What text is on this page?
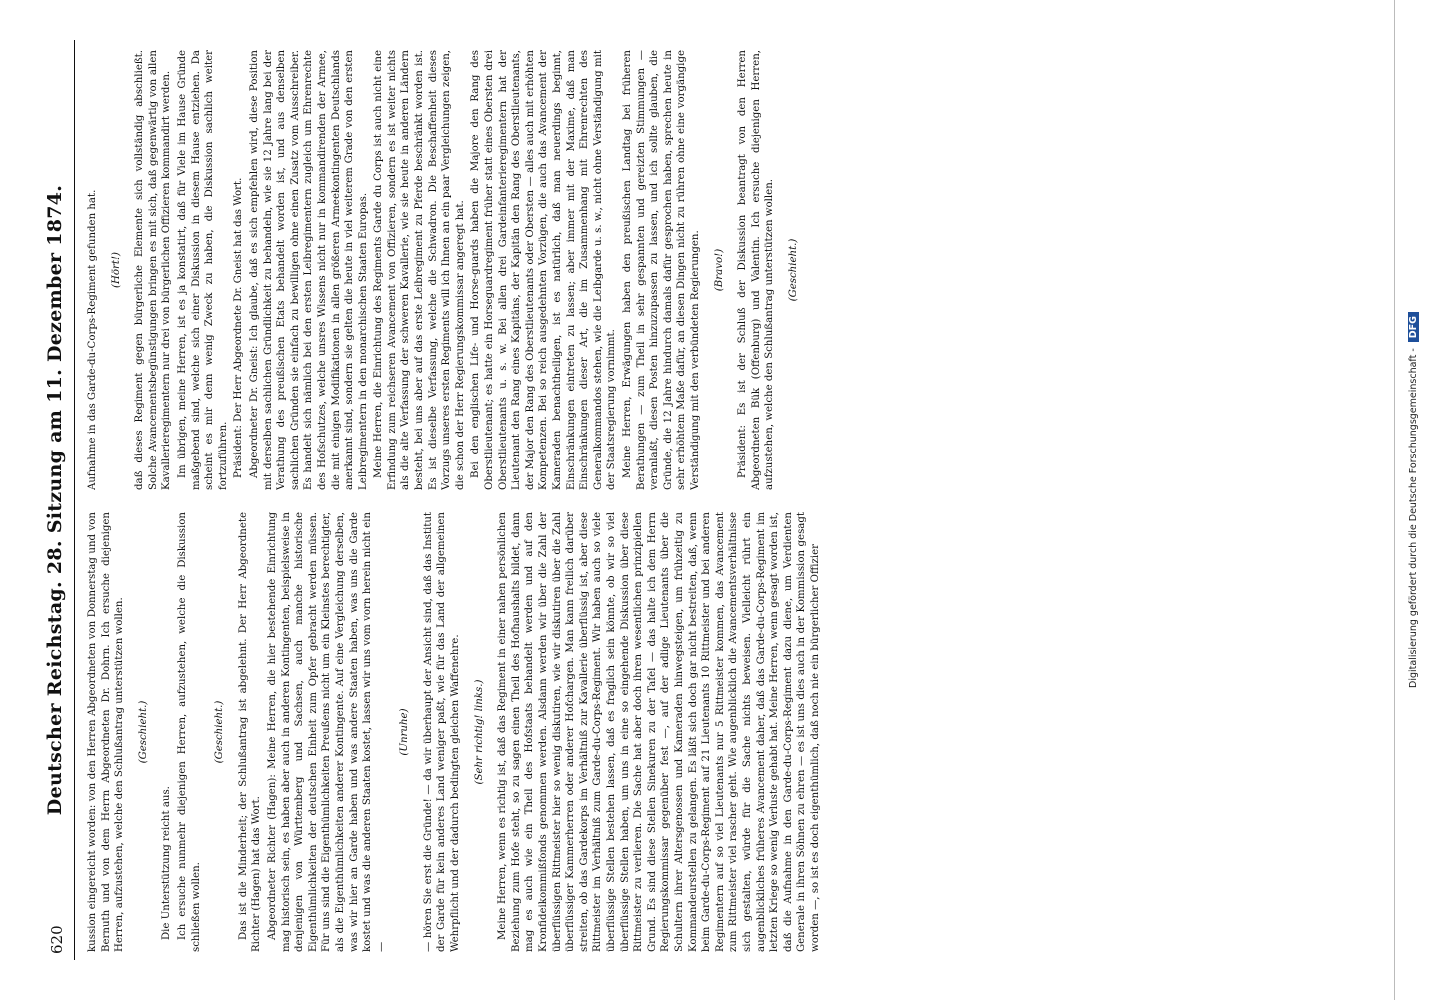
620
Deutscher Reichstag. 28. Sitzung am 11. Dezember 1874. kussion eingereicht worden: von den Herren Abgeordneten von Donnerstag und von Bernuth und von dem Herrn Abgeordneten Dr. Dohrn. Ich ersuche diejenigen Herren, aufzustehen, welche den Schlußantrag unterstützen wollen. (Geschieht.)

Die Unterstützung reicht aus. Ich ersuche nunmehr diejenigen Herren, aufzustehen, welche die Diskussion schließen wollen.

(Geschieht.) Das ist die Minderheit; der Schlußantrag ist abgelehnt. Der Herr Abgeordnete Richter (Hagen) hat das Wort. Abgeordneter Richter (Hagen): Meine Herren, die hier bestehende Einrichtung mag historisch sein, es haben aber auch in anderen Kontingenten, beispielsweise in denjenigen von Württemberg und Sachsen, auch manche historische Eigenthümlichkeiten der deutschen Einheit zum Opfer gebracht werden müssen. Für uns sind die Eigenthümlichkeiten Preußens nicht um ein Kleinstes berechtigter, als die Eigenthümlichkeiten anderer Kontingente. Auf eine Vergleichung derselben, was wir hier an Garde haben und was andere Staaten haben, was uns die Garde kostet und was die anderen Staaten kostet, lassen wir uns vom vorn herein nicht ein —

(Unruhe) — hören Sie erst die Gründe! — da wir überhaupt der Ansicht sind, daß das Institut der Garde für kein anderes Land weniger paßt, wie für das Land der allgemeinen Wehrpflicht und der dadurch bedingten gleichen Waffenehre. (Sehr richtig! links.) Meine Herren, wenn es richtig ist, daß das Regiment in einer nahen persönlichen Beziehung zum Hofe steht, so zu sagen einen Theil des Hofhaushalts bildet, dann mag es auch wie ein Theil des Hofstaats behandelt werden und auf den Kronfideikommißfonds genommen werden. Alsdann werden wir über die Zahl der überflüssigen Rittmeister hier so wenig diskutiren, wie wir diskutiren über die Zahl überflüssiger Kammerherren oder anderer Hofchargen. Man kann freilich darüber streiten, ob das Gardekorps im Verhältniß zur Kavallerie überflüssig ist, aber diese Rittmeister im Verhältniß zum Garde-du-Corps-Regiment. Wir haben auch so viele überflüssige Stellen bestehen lassen, daß es fraglich sein könnte, ob wir so viel überflüssige Stellen haben, um uns in eine so eingehende Diskussion über diese Rittmeister zu verlieren. Die Sache hat aber doch ihren wesentlichen prinzipiellen Grund. Es sind diese Stellen Sinekuren zu der Tafel — das halte ich dem Herrn Regierungskommissar gegenüber fest —, auf der adlige Lieutenants über die Schultern ihrer Altersgenossen und Kameraden hinwegsteigen, um frühzeitig zu Kommandeurstellen zu gelangen. Es läßt sich doch gar nicht bestreiten, daß, wenn beim Garde-du-Corps-Regiment auf 21 Lieutenants 10 Rittmeister und bei anderen Regimentern auf so viel Lieutenants nur 5 Rittmeister kommen, das Avancement zum Rittmeister viel rascher geht. Wie augenblicklich die Avancementsverhältnisse sich gestalten, würde für die Sache nichts beweisen. Vielleicht rührt ein augenblickliches früheres Avancement daher, daß das Garde-du-Corps-Regiment im letzten Kriege so wenig Verluste gehabt hat. Meine Herren, wenn gesagt worden ist, daß die Aufnahme in den Garde-du-Corps-Regiment dazu diene, um Verdienten Generale in ihren Söhnen zu ehren — es ist uns dies auch in der Kommission gesagt worden —, so ist es doch eigenthümlich, daß noch nie ein bürgerlicher Offizier

Aufnahme in das Garde-du-Corps-Regiment gefunden hat. (Hört!) daß dieses Regiment gegen bürgerliche Elemente sich vollständig abschließt. Solche Avancementsbegünstigungen bringen es mit sich, daß gegenwärtig von allen Kavallerieregimentern nur drei von bürgerlichen Offizieren kommandirt werden. Im übrigen, meine Herren, ist es ja konstatirt, daß für Viele im Hause Gründe maßgebend sind, welche sich einer Diskussion in diesem Hause entziehen. Da scheint es mir denn wenig Zweck zu haben, die Diskussion sachlich weiter fortzuführen. Präsident: Der Herr Abgeordnete Dr. Gneist hat das Wort. Abgeordneter Dr. Gneist: Ich glaube, daß es sich empfehlen wird, diese Position mit derselben sachlichen Gründlichkeit zu behandeln, wie sie 12 Jahre lang bei der Verathung des preußischen Etats behandelt worden ist, und aus denselben sachlichen Gründen sie einfach zu bewilligen ohne einen Zusatz vom Ausschreiber. Es handelt sich nämlich bei den ersten Leibregimentern zugleich um Ehrenrechte des Hofschutzes, welche unsres Wissens nicht nur in kommandirenden der Armee, die mit einigen Modifikationen in allen größeren Armeekontingenten Deutschlands anerkannt sind, sondern sie gelten die heute in viel weiterem Grade von den ersten Leibregimentern in den monarchischen Staaten Europas. Meine Herren, die Einrichtung des Regiments Garde du Corps ist auch nicht eine Erfindung zum reichseren Avancement von Offizieren, sondern es ist weiter nichts als die alte Verfassung der schweren Kavallerie, wie sie heute in anderen Ländern besteht, bei uns aber auf das erste Leibregiment zu Pferde beschränkt worden ist. Es ist dieselbe Verfassung, welche die Schwadron. Die Beschaffenheit dieses Vorzugs unseres ersten Regiments will ich Ihnen an ein paar Vergleichungen zeigen, die schon der Herr Regierungskommissar angeregt hat. Bei den englischen Life- und Horse-guards haben die Majore den Rang des Oberstlieutenant; es hatte ein Horseguardregiment früher statt eines Obersten drei Oberstlieutenants u. s. w. Bei allen drei Gardeinfanterieregimentern hat der Lieutenant den Rang eines Kapitäns, der Kapitän den Rang des Oberstlieutenants, der Major den Rang des Oberstlieutenants oder Obersten — alles auch mit erhöhten Kompetenzen. Bei so reich ausgedehnten Vorzügen, die auch das Avancement der Kameraden benachtheiligen, ist es natürlich, daß man neuerdings beginnt, Einschränkungen eintreten zu lassen; aber immer mit der Maxime, daß man Einschränkungen dieser Art, die im Zusammenhang mit Ehrenrechten des Generalkommandos stehen, wie die Leibgarde u. s. w., nicht ohne Verständigung mit der Staatsregierung vornimmt. Meine Herren, Erwägungen haben den preußischen Landtag bei früheren Berathungen — zum Theil in sehr gespannten und gereizten Stimmungen — veranlaßt, diesen Posten hinzuzupassen zu lassen, und ich sollte glauben, die Gründe, die 12 Jahre hindurch damals dafür gesprochen haben, sprechen heute in sehr erhöhtem Maße dafür, an diesen Dingen nicht zu rühren ohne eine vorgängige Verständigung mit den verbündeten Regierungen. (Bravo!) Präsident: Es ist der Schluß der Diskussion beantragt von den Herren Abgeordneten Bük (Offenburg) und Valentin. Ich ersuche diejenigen Herren, aufzustehen, welche den Schlußantrag unterstützen wollen. (Geschieht.)
Digitalisierung gefördert durch die Deutsche Forschungsgemeinschaft -DFG
